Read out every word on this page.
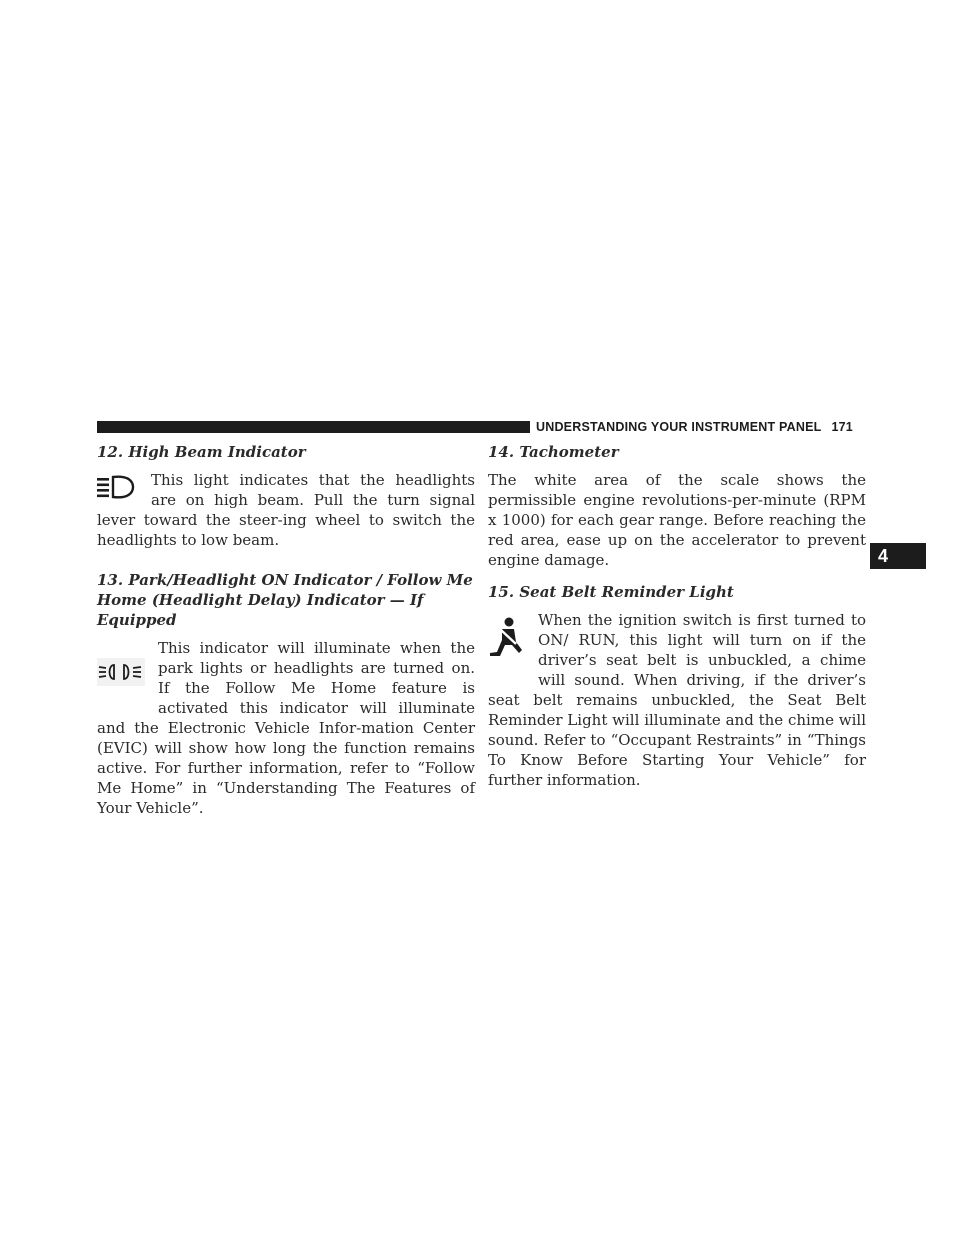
UNDERSTANDING YOUR INSTRUMENT PANEL 171
4

12. High Beam Indicator

This light indicates that the headlights are on high beam. Pull the turn signal lever toward the steer-ing wheel to switch the headlights to low beam.

13. Park/Headlight ON Indicator / Follow Me Home (Headlight Delay) Indicator — If Equipped

This indicator will illuminate when the park lights or headlights are turned on. If the Follow Me Home feature is activated this indicator will illuminate and the Electronic Vehicle Infor-mation Center (EVIC) will show how long the function remains active. For further information, refer to “Follow Me Home” in “Understanding The Features of Your Vehicle”.

14. Tachometer

The white area of the scale shows the permissible engine revolutions-per-minute (RPM x 1000) for each gear range. Before reaching the red area, ease up on the accelerator to prevent engine damage.

15. Seat Belt Reminder Light

When the ignition switch is first turned to ON/ RUN, this light will turn on if the driver’s seat belt is unbuckled, a chime will sound. When driving, if the driver’s seat belt remains unbuckled, the Seat Belt Reminder Light will illuminate and the chime will sound. Refer to “Occupant Restraints” in “Things To Know Before Starting Your Vehicle” for further information.
